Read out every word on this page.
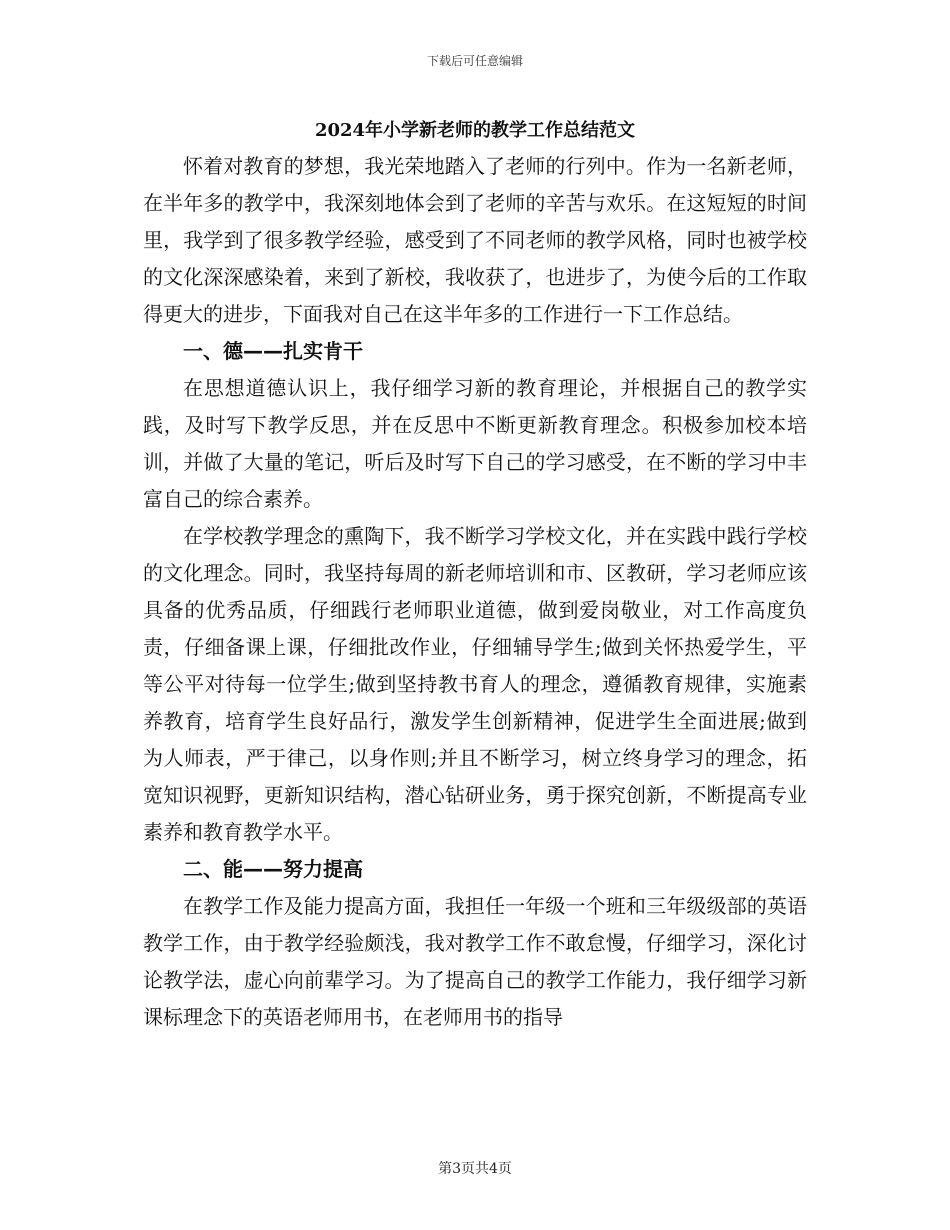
下载后可任意编辑
2024年小学新老师的教学工作总结范文

怀着对教育的梦想，我光荣地踏入了老师的行列中。作为一名新老师，在半年多的教学中，我深刻地体会到了老师的辛苦与欢乐。在这短短的时间里，我学到了很多教学经验，感受到了不同老师的教学风格，同时也被学校的文化深深感染着，来到了新校，我收获了，也进步了，为使今后的工作取得更大的进步，下面我对自己在这半年多的工作进行一下工作总结。

一、德——扎实肯干

在思想道德认识上，我仔细学习新的教育理论，并根据自己的教学实践，及时写下教学反思，并在反思中不断更新教育理念。积极参加校本培训，并做了大量的笔记，听后及时写下自己的学习感受，在不断的学习中丰富自己的综合素养。

在学校教学理念的熏陶下，我不断学习学校文化，并在实践中践行学校的文化理念。同时，我坚持每周的新老师培训和市、区教研，学习老师应该具备的优秀品质，仔细践行老师职业道德，做到爱岗敬业，对工作高度负责，仔细备课上课，仔细批改作业，仔细辅导学生;做到关怀热爱学生，平等公平对待每一位学生;做到坚持教书育人的理念，遵循教育规律，实施素养教育，培育学生良好品行，激发学生创新精神，促进学生全面进展;做到为人师表，严于律己，以身作则;并且不断学习，树立终身学习的理念，拓宽知识视野，更新知识结构，潜心钻研业务，勇于探究创新，不断提高专业素养和教育教学水平。

二、能——努力提高

在教学工作及能力提高方面，我担任一年级一个班和三年级级部的英语教学工作，由于教学经验颇浅，我对教学工作不敢怠慢，仔细学习，深化讨论教学法，虚心向前辈学习。为了提高自己的教学工作能力，我仔细学习新课标理念下的英语老师用书，在老师用书的指导

第3页共4页
